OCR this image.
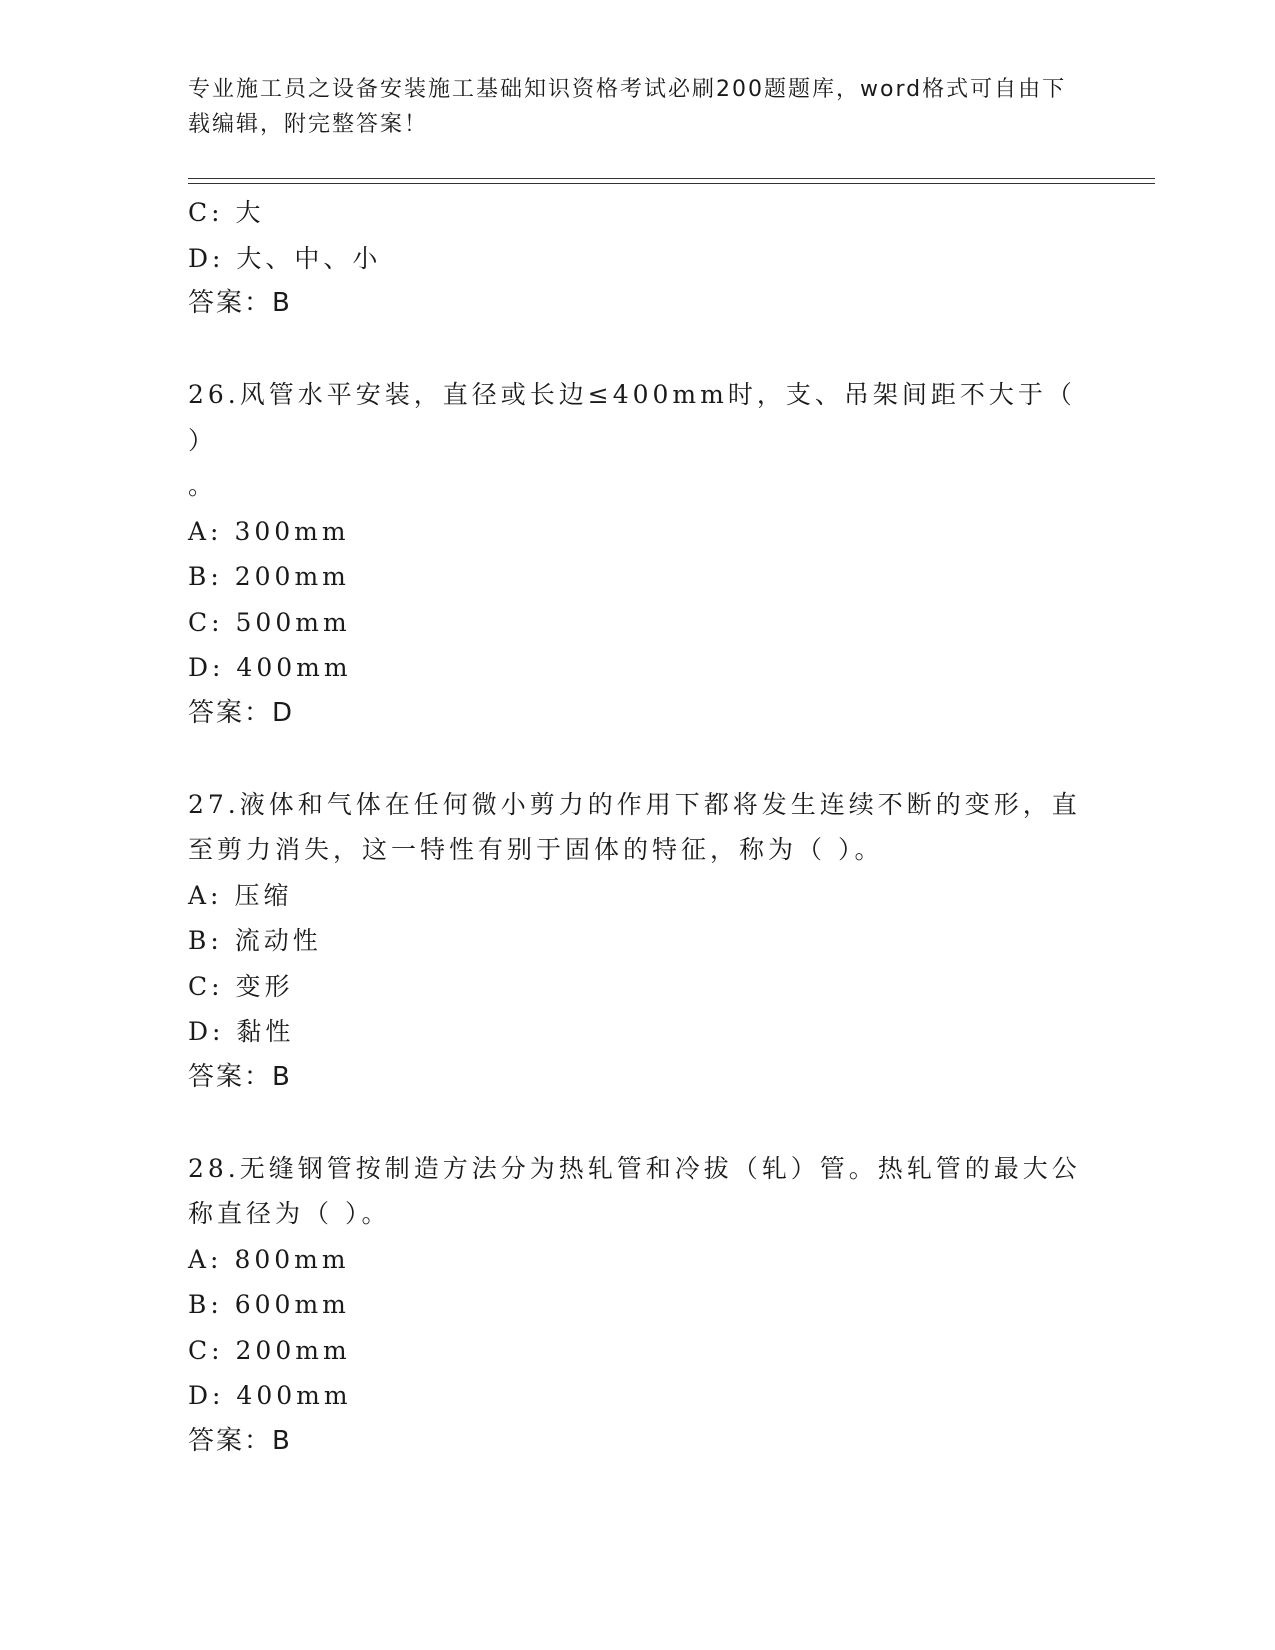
专业施工员之设备安装施工基础知识资格考试必刷200题题库，word格式可自由下载编辑，附完整答案！
C: 大
D: 大、中、小
答案：B
26.风管水平安装，直径或长边≤400mm时，支、吊架间距不大于（ ）
。
A: 300mm
B: 200mm
C: 500mm
D: 400mm
答案：D
27.液体和气体在任何微小剪力的作用下都将发生连续不断的变形，直
至剪力消失，这一特性有别于固体的特征，称为（ ）。
A: 压缩
B: 流动性
C: 变形
D: 黏性
答案：B
28.无缝钢管按制造方法分为热轧管和冷拔（轧）管。热轧管的最大公
称直径为（ ）。
A: 800mm
B: 600mm
C: 200mm
D: 400mm
答案：B
